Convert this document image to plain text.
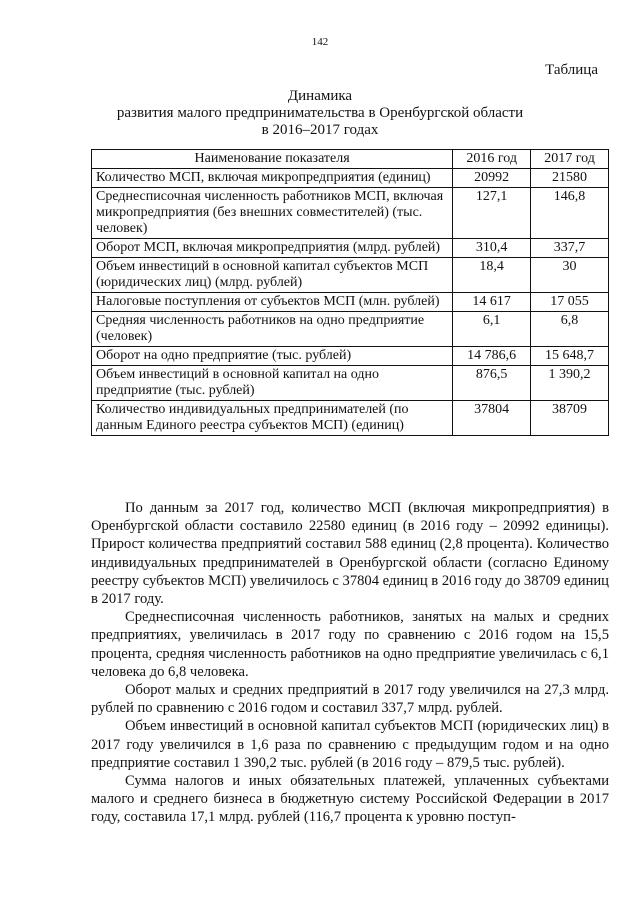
142
Таблица
Динамика
развития малого предпринимательства в Оренбургской области
в 2016–2017 годах
Наименование показателя	2016 год	2017 год
Количество МСП, включая микропредприятия (единиц)	20992	21580
Среднесписочная численность работников МСП, включая микропредприятия (без внешних совместителей) (тыс. человек)	127,1	146,8
Оборот МСП, включая микропредприятия (млрд. рублей)	310,4	337,7
Объем инвестиций в основной капитал субъектов МСП (юридических лиц) (млрд. рублей)	18,4	30
Налоговые поступления от субъектов МСП (млн. рублей)	14 617	17 055
Средняя численность работников на одно предприятие (человек)	6,1	6,8
Оборот на одно предприятие (тыс. рублей)	14 786,6	15 648,7
Объем инвестиций в основной капитал на одно предприятие (тыс. рублей)	876,5	1 390,2
Количество индивидуальных предпринимателей (по данным Единого реестра субъектов МСП) (единиц)	37804	38709

По данным за 2017 год, количество МСП (включая микропредприятия) в Оренбургской области составило 22580 единиц (в 2016 году – 20992 единицы). Прирост количества предприятий составил 588 единиц (2,8 процента). Количество индивидуальных предпринимателей в Оренбургской области (согласно Единому реестру субъектов МСП) увеличилось с 37804 единиц в 2016 году до 38709 единиц в 2017 году.

Среднесписочная численность работников, занятых на малых и средних предприятиях, увеличилась в 2017 году по сравнению с 2016 годом на 15,5 процента, средняя численность работников на одно предприятие увеличилась с 6,1 человека до 6,8 человека.

Оборот малых и средних предприятий в 2017 году увеличился на 27,3 млрд. рублей по сравнению с 2016 годом и составил 337,7 млрд. рублей.

Объем инвестиций в основной капитал субъектов МСП (юридических лиц) в 2017 году увеличился в 1,6 раза по сравнению с предыдущим годом и на одно предприятие составил 1 390,2 тыс. рублей (в 2016 году – 879,5 тыс. рублей).

Сумма налогов и иных обязательных платежей, уплаченных субъектами малого и среднего бизнеса в бюджетную систему Российской Федерации в 2017 году, составила 17,1 млрд. рублей (116,7 процента к уровню поступ-
